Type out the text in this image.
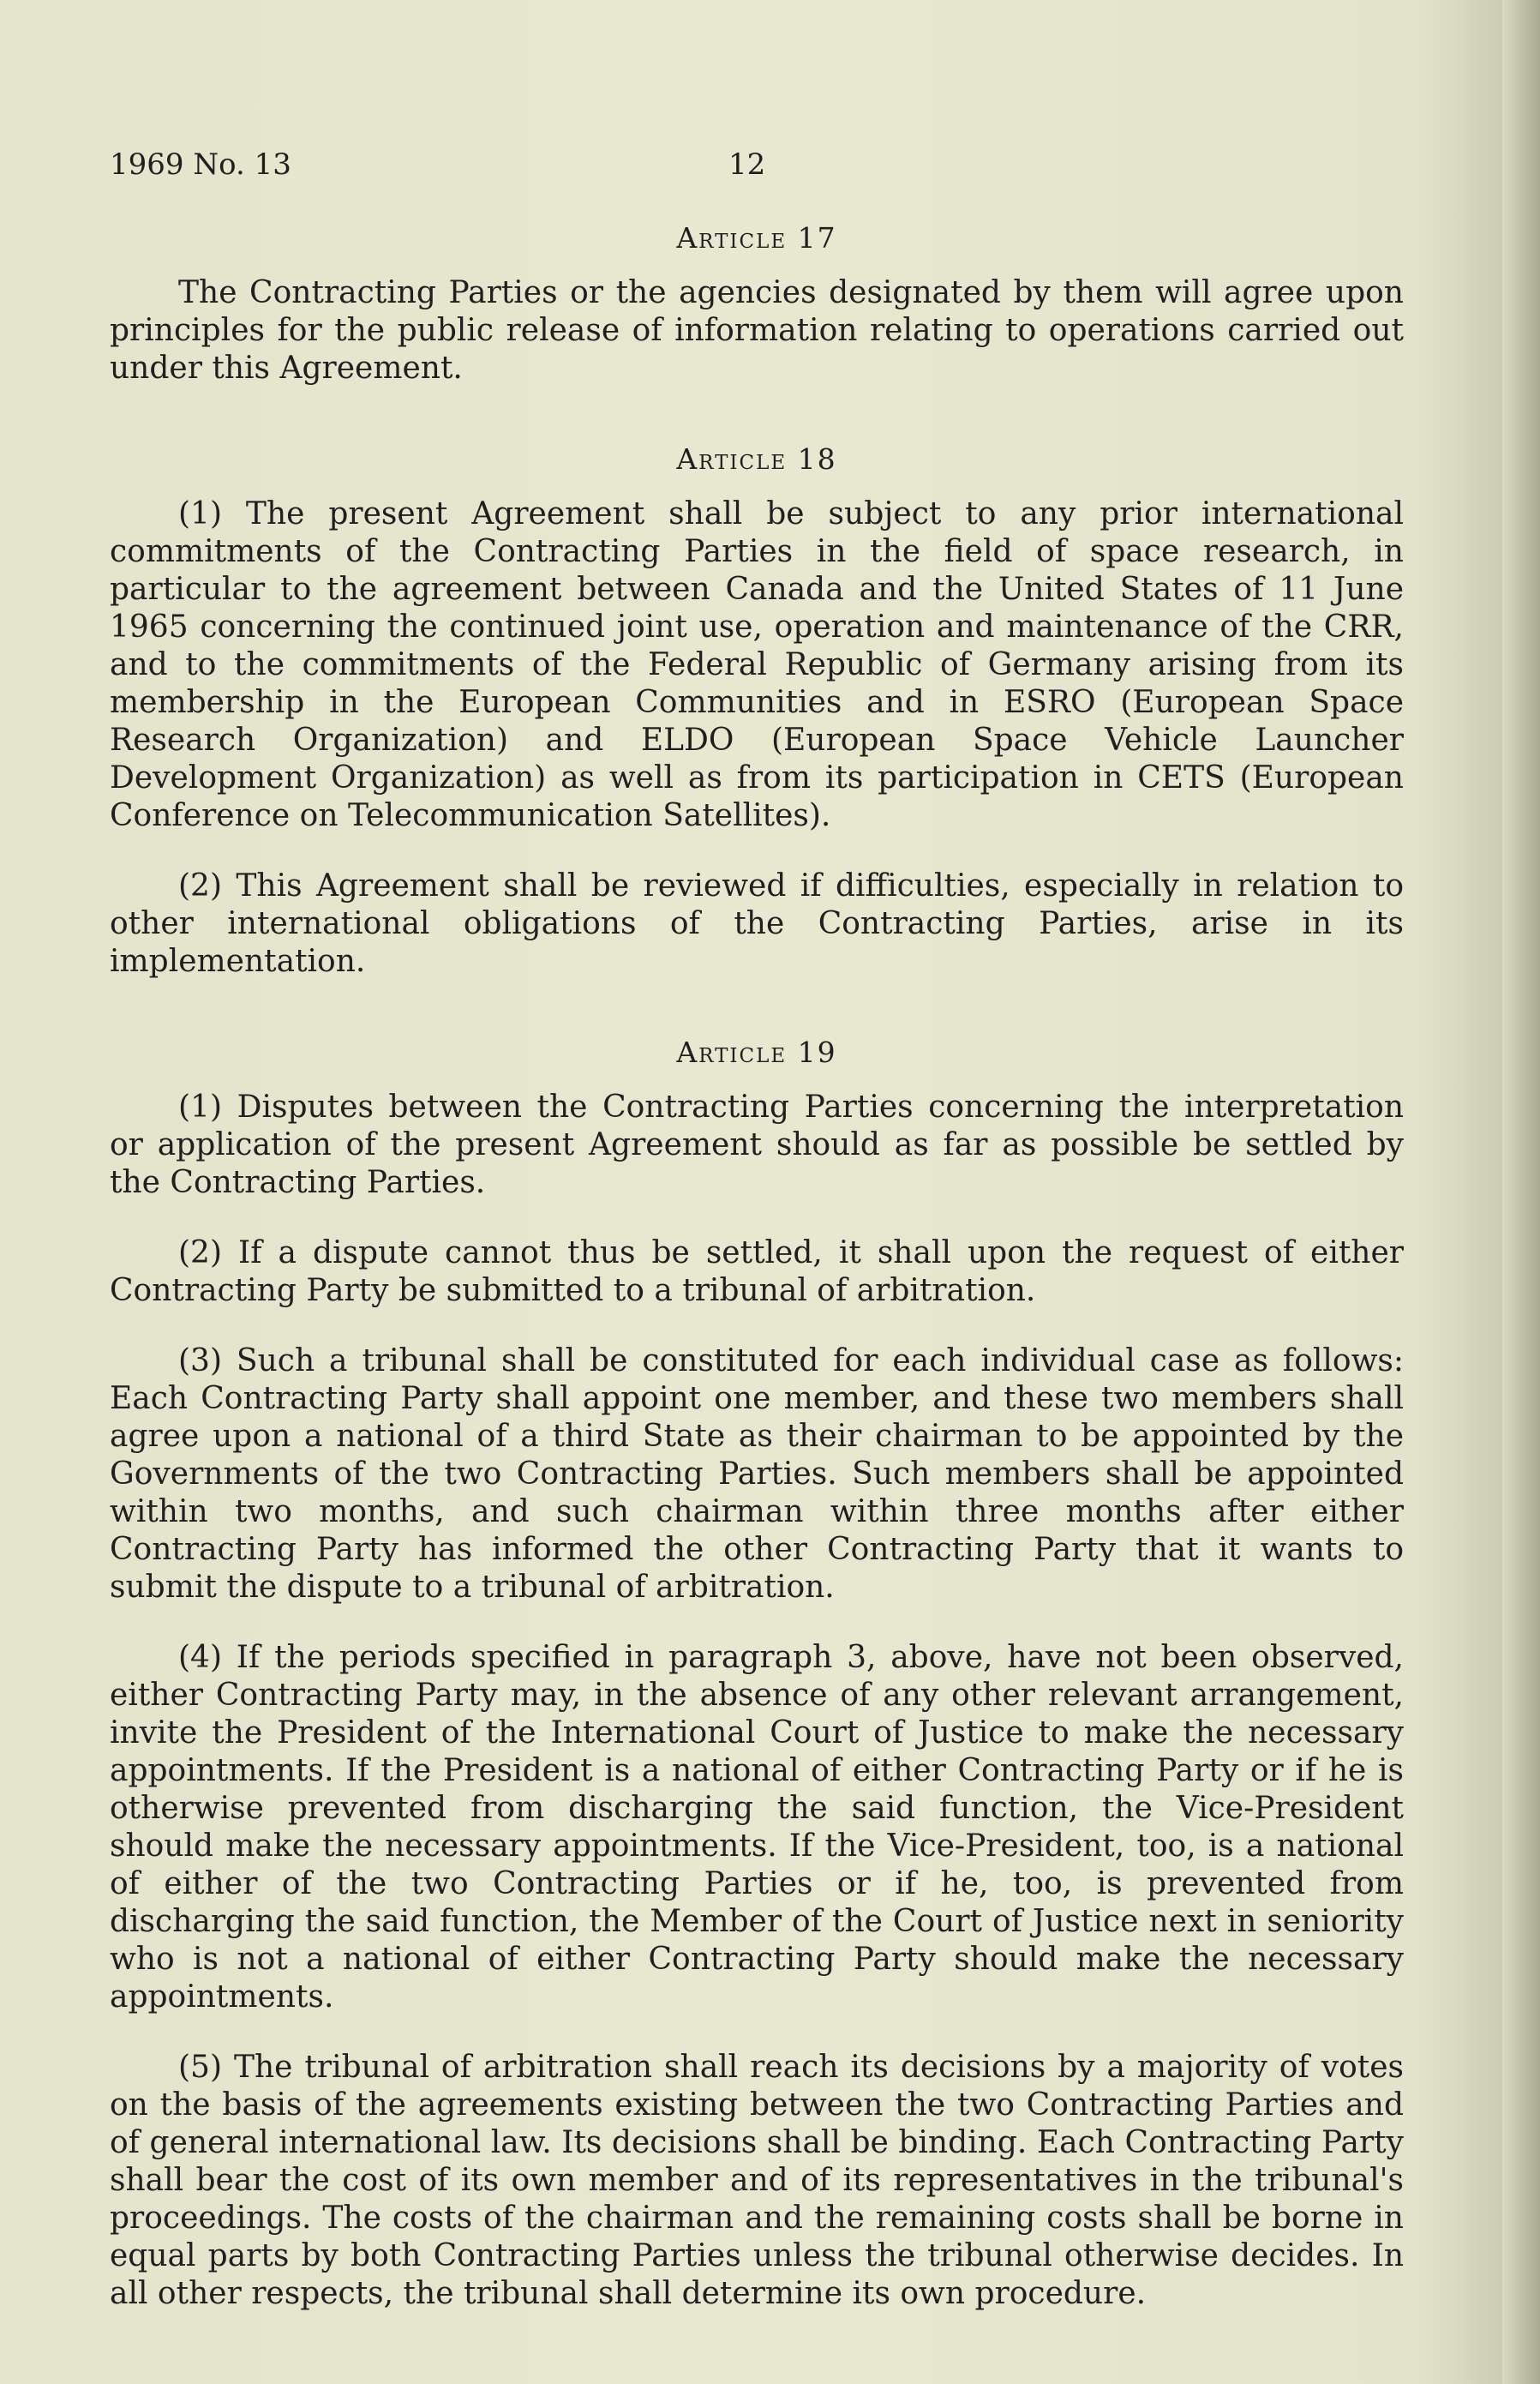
1969 No. 13	12
Article 17

The Contracting Parties or the agencies designated by them will agree upon principles for the public release of information relating to operations carried out under this Agreement.

Article 18

(1) The present Agreement shall be subject to any prior international commitments of the Contracting Parties in the field of space research, in particular to the agreement between Canada and the United States of 11 June 1965 concerning the continued joint use, operation and maintenance of the CRR, and to the commitments of the Federal Republic of Germany arising from its membership in the European Communities and in ESRO (European Space Research Organization) and ELDO (European Space Vehicle Launcher Development Organization) as well as from its participation in CETS (European Conference on Telecommunication Satellites).

(2) This Agreement shall be reviewed if difficulties, especially in relation to other international obligations of the Contracting Parties, arise in its implementation.

Article 19

(1) Disputes between the Contracting Parties concerning the interpretation or application of the present Agreement should as far as possible be settled by the Contracting Parties.

(2) If a dispute cannot thus be settled, it shall upon the request of either Contracting Party be submitted to a tribunal of arbitration.

(3) Such a tribunal shall be constituted for each individual case as follows: Each Contracting Party shall appoint one member, and these two members shall agree upon a national of a third State as their chairman to be appointed by the Governments of the two Contracting Parties. Such members shall be appointed within two months, and such chairman within three months after either Contracting Party has informed the other Contracting Party that it wants to submit the dispute to a tribunal of arbitration.

(4) If the periods specified in paragraph 3, above, have not been observed, either Contracting Party may, in the absence of any other relevant arrangement, invite the President of the International Court of Justice to make the necessary appointments. If the President is a national of either Contracting Party or if he is otherwise prevented from discharging the said function, the Vice-President should make the necessary appointments. If the Vice-President, too, is a national of either of the two Contracting Parties or if he, too, is prevented from discharging the said function, the Member of the Court of Justice next in seniority who is not a national of either Contracting Party should make the necessary appointments.

(5) The tribunal of arbitration shall reach its decisions by a majority of votes on the basis of the agreements existing between the two Contracting Parties and of general international law. Its decisions shall be binding. Each Contracting Party shall bear the cost of its own member and of its representatives in the tribunal's proceedings. The costs of the chairman and the remaining costs shall be borne in equal parts by both Contracting Parties unless the tribunal otherwise decides. In all other respects, the tribunal shall determine its own procedure.
